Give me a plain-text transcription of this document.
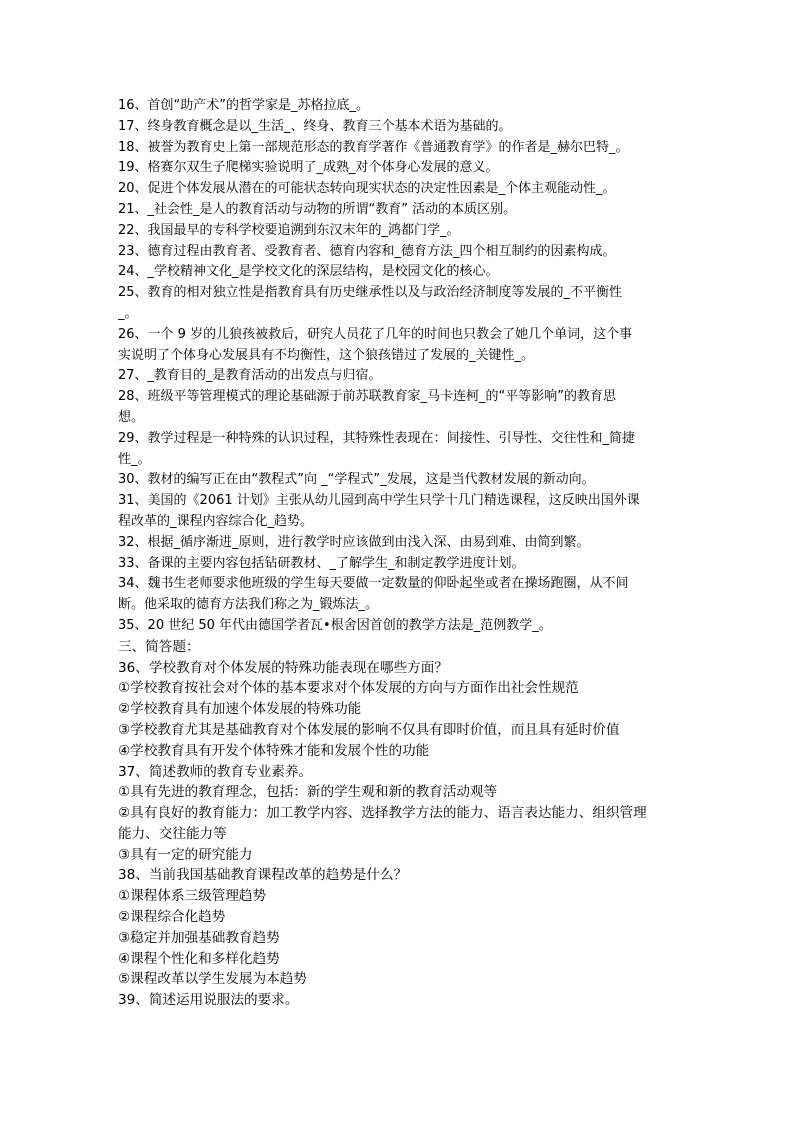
16、首创“助产术”的哲学家是_苏格拉底_。
17、终身教育概念是以_生活_、终身、教育三个基本术语为基础的。
18、被誉为教育史上第一部规范形态的教育学著作《普通教育学》的作者是_赫尔巴特_。
19、格赛尔双生子爬梯实验说明了_成熟_对个体身心发展的意义。
20、促进个体发展从潜在的可能状态转向现实状态的决定性因素是_个体主观能动性_。
21、_社会性_是人的教育活动与动物的所谓“教育” 活动的本质区别。
22、我国最早的专科学校要追溯到东汉末年的_鸿都门学_。
23、德育过程由教育者、受教育者、德育内容和_德育方法_四个相互制约的因素构成。
24、_学校精神文化_是学校文化的深层结构，是校园文化的核心。
25、教育的相对独立性是指教育具有历史继承性以及与政治经济制度等发展的_不平衡性
_。
26、一个 9 岁的儿狼孩被救后，研究人员花了几年的时间也只教会了她几个单词，这个事
实说明了个体身心发展具有不均衡性，这个狼孩错过了发展的_关键性_。
27、_教育目的_是教育活动的出发点与归宿。
28、班级平等管理模式的理论基础源于前苏联教育家_马卡连柯_的“平等影响”的教育思
想。
29、教学过程是一种特殊的认识过程，其特殊性表现在：间接性、引导性、交往性和_简捷
性_。
30、教材的编写正在由“教程式”向 _“学程式”_发展，这是当代教材发展的新动向。
31、美国的《2061 计划》主张从幼儿园到高中学生只学十几门精选课程，这反映出国外课
程改革的_课程内容综合化_趋势。
32、根据_循序渐进_原则，进行教学时应该做到由浅入深、由易到难、由简到繁。
33、备课的主要内容包括钻研教材、_了解学生_和制定教学进度计划。
34、魏书生老师要求他班级的学生每天要做一定数量的仰卧起坐或者在操场跑圈，从不间
断。他采取的德育方法我们称之为_锻炼法_。
35、20 世纪 50 年代由德国学者瓦•根舍因首创的教学方法是_范例教学_。
三、简答题：
36、学校教育对个体发展的特殊功能表现在哪些方面？
①学校教育按社会对个体的基本要求对个体发展的方向与方面作出社会性规范
②学校教育具有加速个体发展的特殊功能
③学校教育尤其是基础教育对个体发展的影响不仅具有即时价值，而且具有延时价值
④学校教育具有开发个体特殊才能和发展个性的功能
37、简述教师的教育专业素养。
①具有先进的教育理念，包括：新的学生观和新的教育活动观等
②具有良好的教育能力：加工教学内容、选择教学方法的能力、语言表达能力、组织管理
能力、交往能力等
③具有一定的研究能力
38、当前我国基础教育课程改革的趋势是什么？
①课程体系三级管理趋势
②课程综合化趋势
③稳定并加强基础教育趋势
④课程个性化和多样化趋势
⑤课程改革以学生发展为本趋势
39、简述运用说服法的要求。
